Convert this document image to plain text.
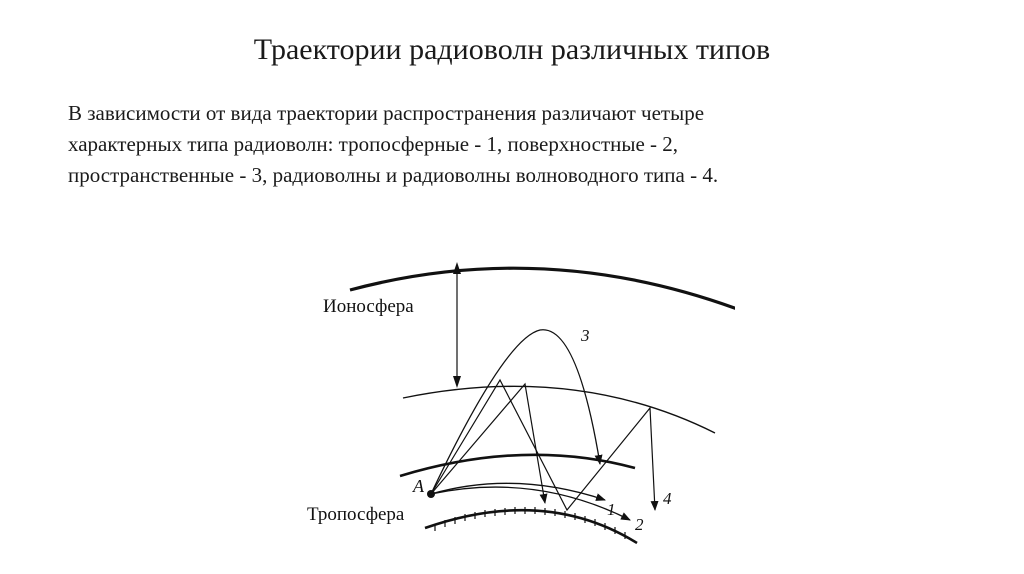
Траектории радиоволн различных типов

В зависимости от вида траектории распространения различают четыре
характерных типа радиоволн: тропосферные - 1, поверхностные - 2,
пространственные - 3, радиоволны и радиоволны волноводного типа - 4.

Ионосфера
Тропосфера
A
1
2
3
4
